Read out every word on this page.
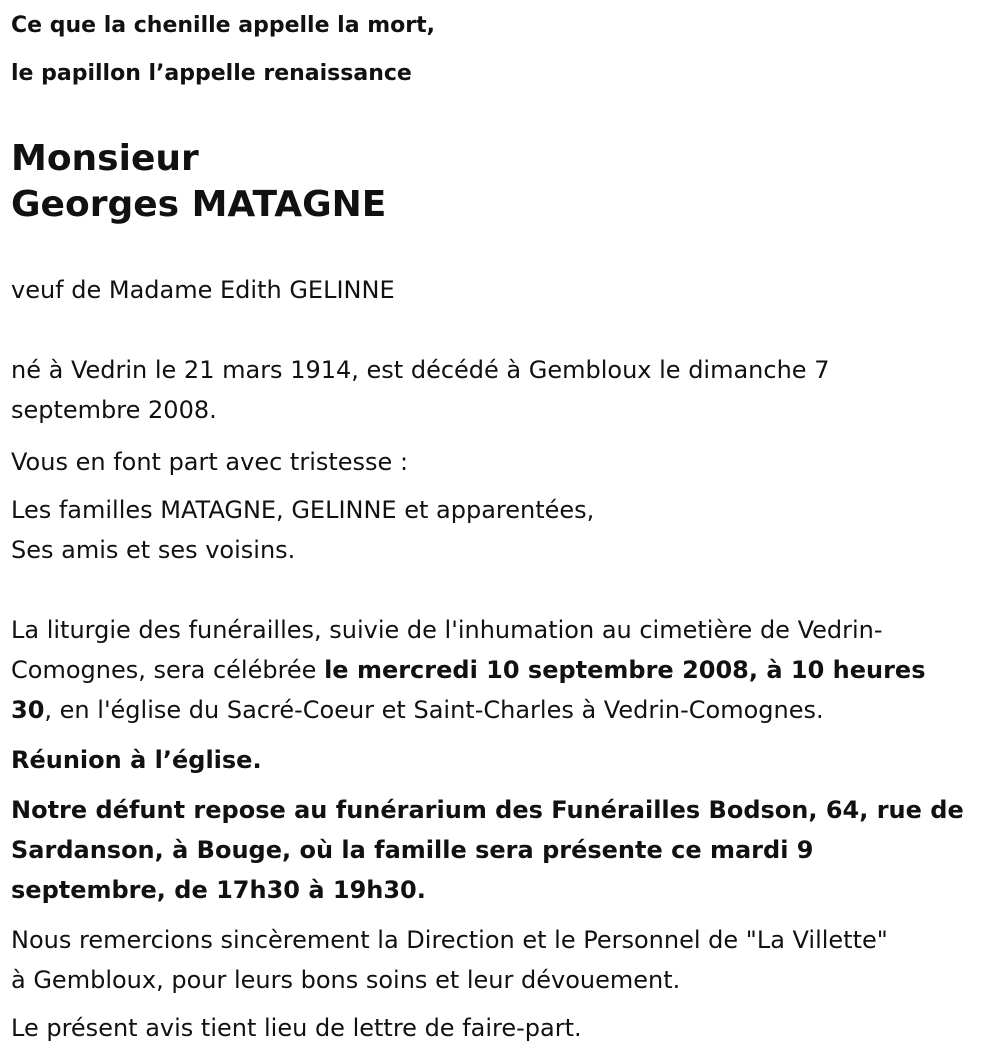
Ce que la chenille appelle la mort,

le papillon l’appelle renaissance

Monsieur
Georges MATAGNE

veuf de Madame Edith GELINNE

né à Vedrin le 21 mars 1914, est décédé à Gembloux le dimanche 7
septembre 2008.

Vous en font part avec tristesse :

Les familles MATAGNE, GELINNE et apparentées,
Ses amis et ses voisins.

La liturgie des funérailles, suivie de l'inhumation au cimetière de Vedrin-
Comognes, sera célébrée le mercredi 10 septembre 2008, à 10 heures
30, en l'église du Sacré-Coeur et Saint-Charles à Vedrin-Comognes.

Réunion à l’église.

Notre défunt repose au funérarium des Funérailles Bodson, 64, rue de
Sardanson, à Bouge, où la famille sera présente ce mardi 9
septembre, de 17h30 à 19h30.

Nous remercions sincèrement la Direction et le Personnel de "La Villette"
à Gembloux, pour leurs bons soins et leur dévouement.

Le présent avis tient lieu de lettre de faire-part.
